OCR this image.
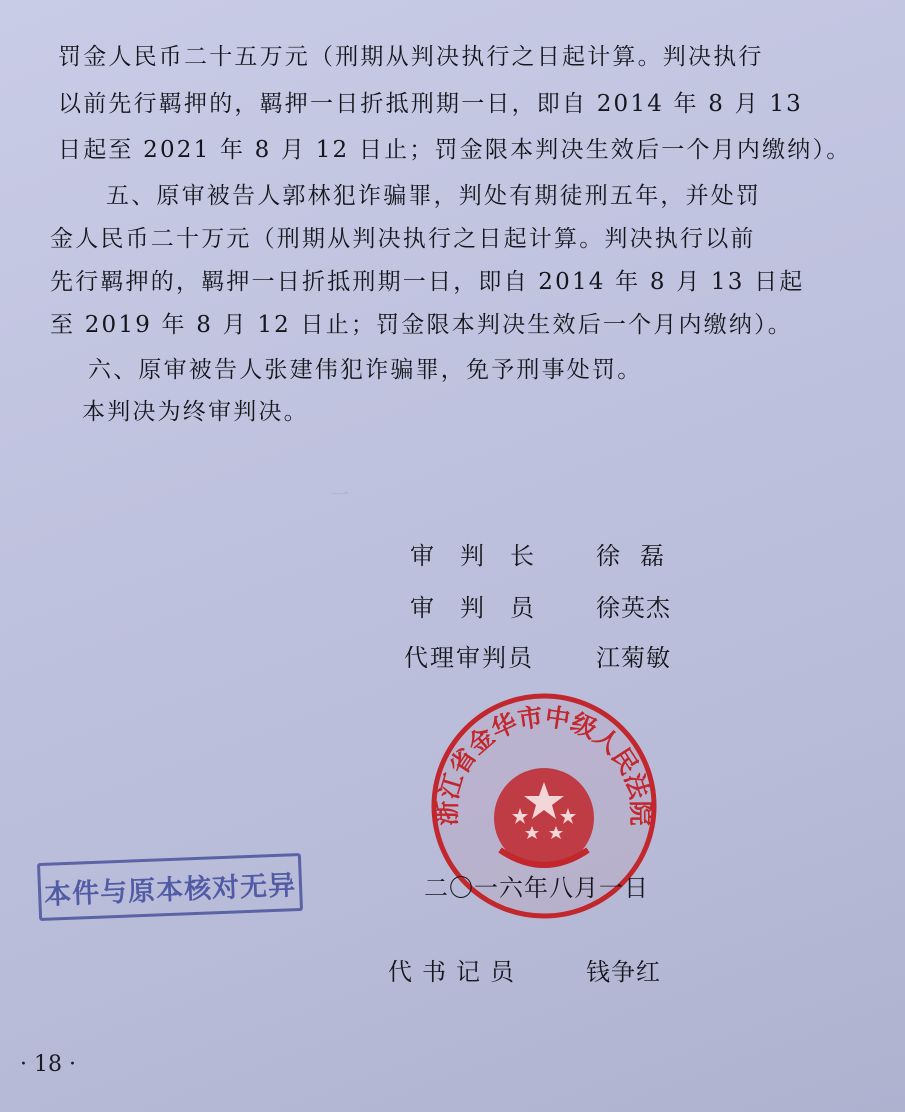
一　　　　　　　　　　　　　　　　　　　　　　　　

罚金人民币二十五万元（刑期从判决执行之日起计算。判决执行
以前先行羁押的，羁押一日折抵刑期一日，即自 2014 年 8 月 13
日起至 2021 年 8 月 12 日止；罚金限本判决生效后一个月内缴纳）。
五、原审被告人郭林犯诈骗罪，判处有期徒刑五年，并处罚
金人民币二十万元（刑期从判决执行之日起计算。判决执行以前
先行羁押的，羁押一日折抵刑期一日，即自 2014 年 8 月 13 日起
至 2019 年 8 月 12 日止；罚金限本判决生效后一个月内缴纳）。
六、原审被告人张建伟犯诈骗罪，免予刑事处罚。
本判决为终审判决。
审判长 徐磊
审判员 徐英杰
代理审判员	江菊敏
浙江省金华市中级人民法院
二〇一六年八月一日
代书记员	钱争红
本件与原本核对无异
· 18 ·
